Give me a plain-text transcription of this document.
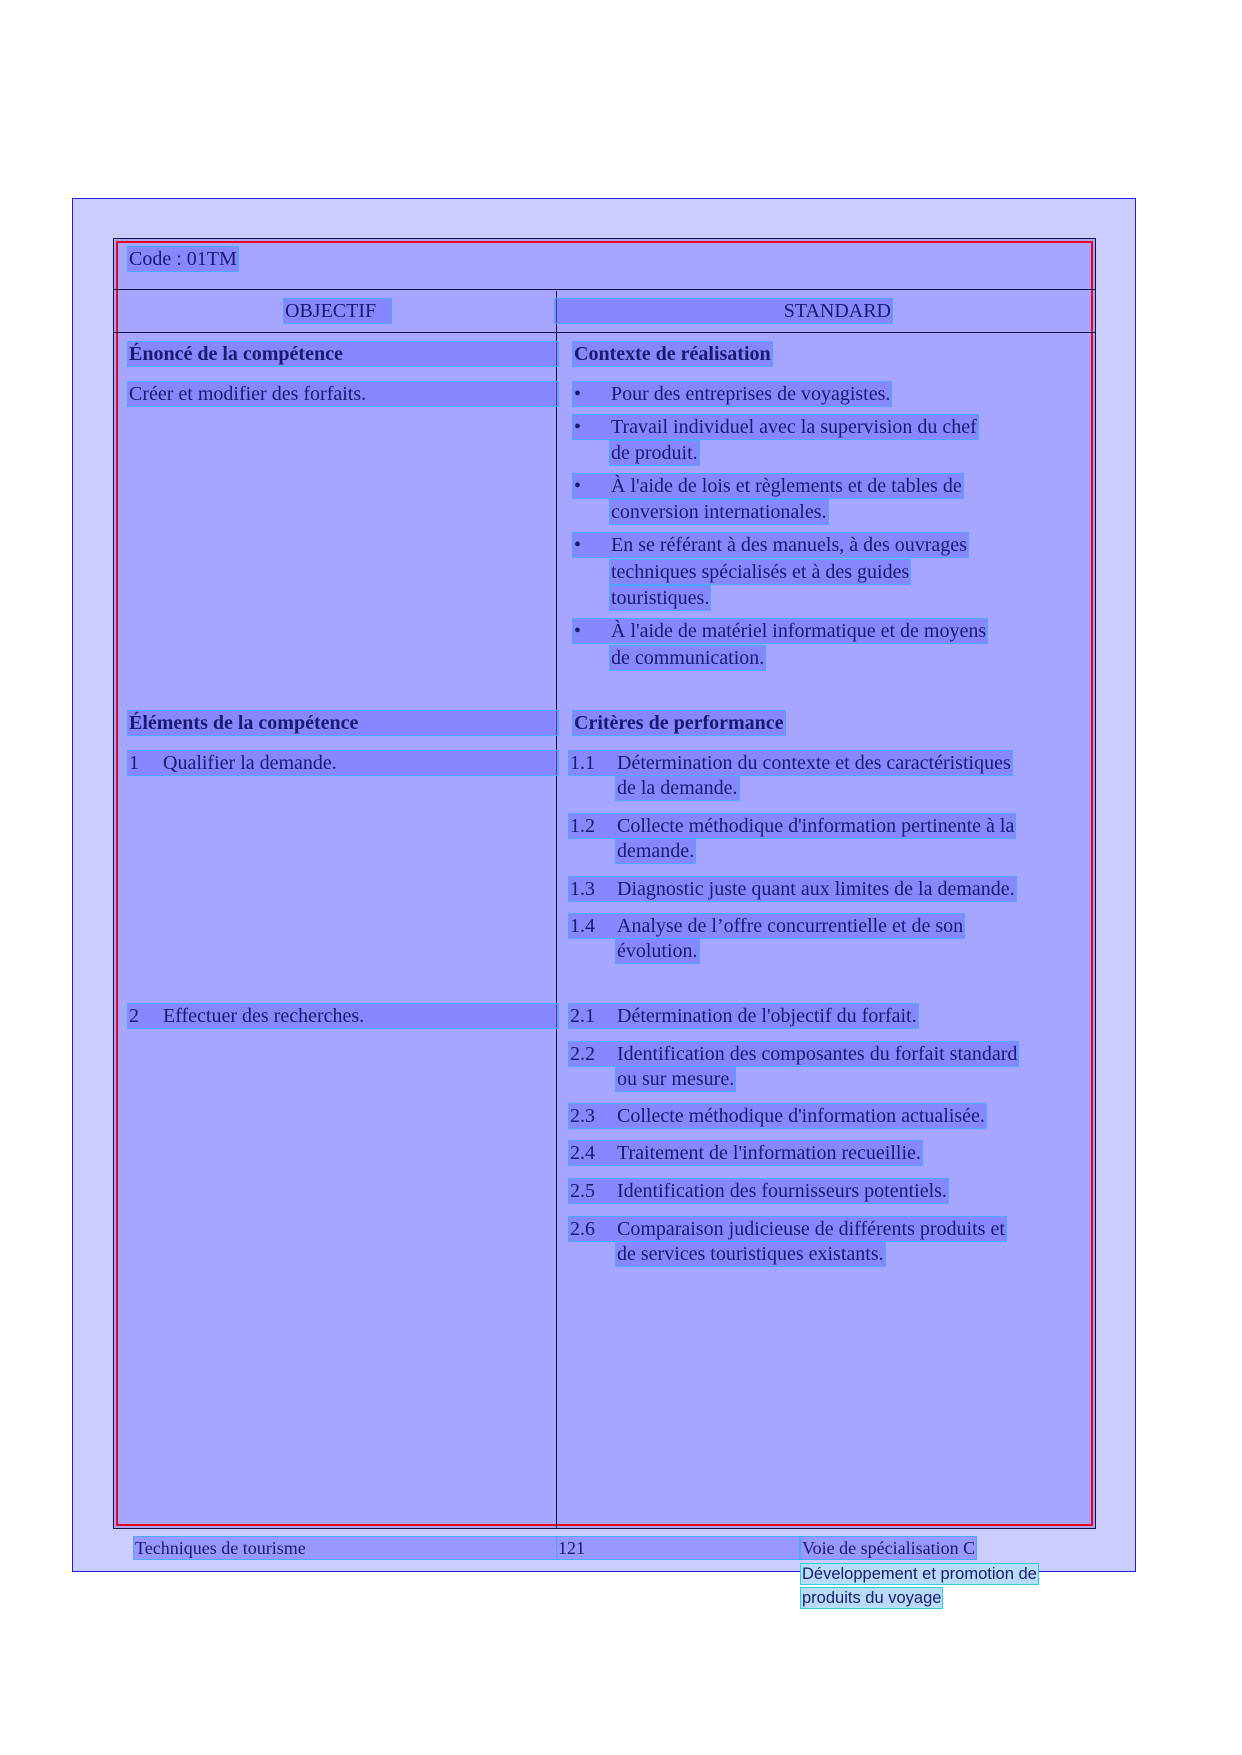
Code : 01TM
OBJECTIF	STANDARD
Énoncé de la compétence	Contexte de réalisation
Créer et modifier des forfaits.	• Pour des entreprises de voyagistes.
• Travail individuel avec la supervision du chef
de produit.
• À l'aide de lois et règlements et de tables de
conversion internationales.
• En se référant à des manuels, à des ouvrages
techniques spécialisés et à des guides
touristiques.
• À l'aide de matériel informatique et de moyens
de communication.
Éléments de la compétence	Critères de performance
1 Qualifier la demande.	1.1 Détermination du contexte et des caractéristiques
de la demande.
1.2 Collecte méthodique d'information pertinente à la
demande.
1.3 Diagnostic juste quant aux limites de la demande.
1.4 Analyse de l’offre concurrentielle et de son
évolution.
2 Effectuer des recherches.	2.1 Détermination de l'objectif du forfait.
2.2 Identification des composantes du forfait standard
ou sur mesure.
2.3 Collecte méthodique d'information actualisée.
2.4 Traitement de l'information recueillie.
2.5 Identification des fournisseurs potentiels.
2.6 Comparaison judicieuse de différents produits et
de services touristiques existants.
Techniques de tourisme	121	Voie de spécialisation C
Développement et promotion de
produits du voyage
